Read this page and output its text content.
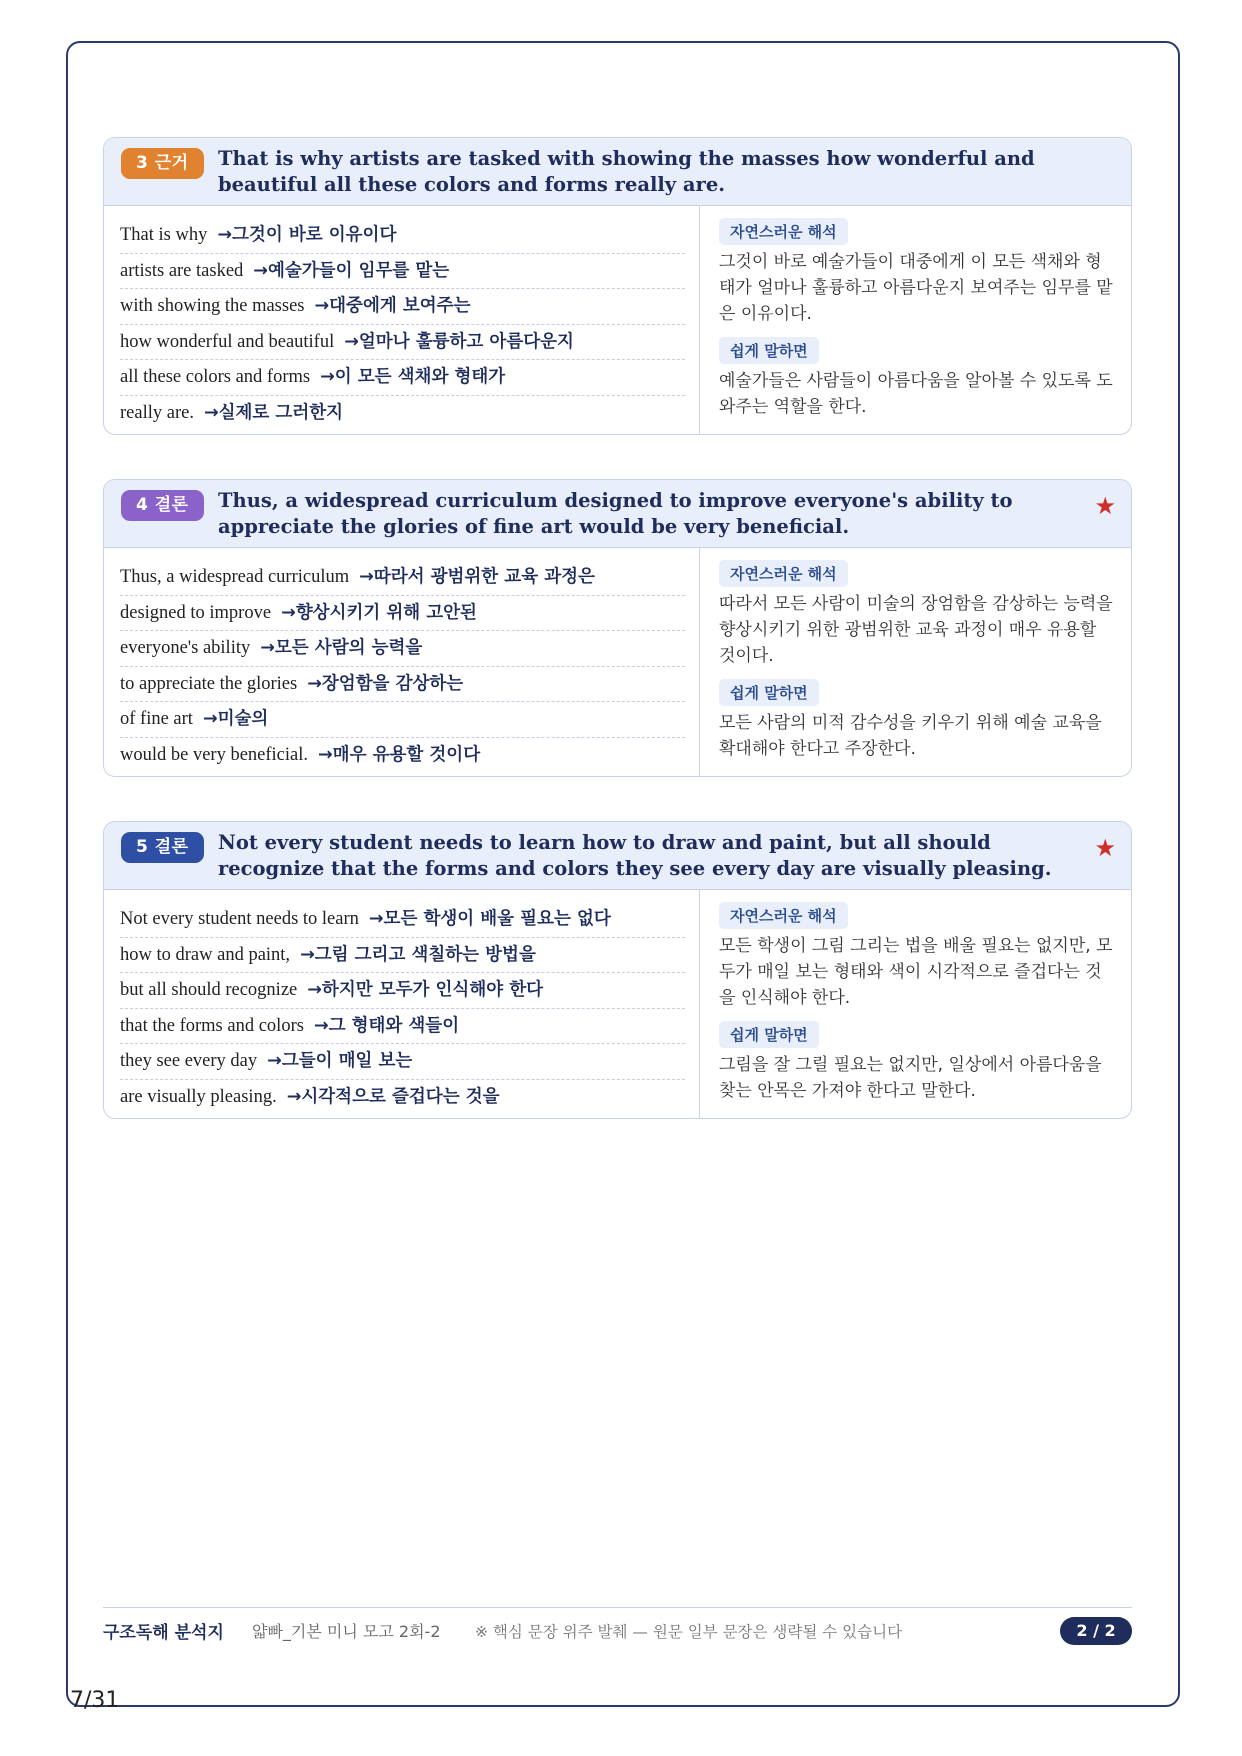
3 근거	That is why artists are tasked with showing the masses how wonderful and beautiful all these colors and forms really are.
That is why →그것이 바로 이유이다
artists are tasked →예술가들이 임무를 맡는
with showing the masses →대중에게 보여주는
how wonderful and beautiful →얼마나 훌륭하고 아름다운지
all these colors and forms →이 모든 색채와 형태가
really are. →실제로 그러한지
자연스러운 해석
그것이 바로 예술가들이 대중에게 이 모든 색채와 형태가 얼마나 훌륭하고 아름다운지 보여주는 임무를 맡은 이유이다.
쉽게 말하면
예술가들은 사람들이 아름다움을 알아볼 수 있도록 도와주는 역할을 한다.
4 결론	Thus, a widespread curriculum designed to improve everyone's ability to appreciate the glories of fine art would be very beneficial.
★
Thus, a widespread curriculum →따라서 광범위한 교육 과정은
designed to improve →향상시키기 위해 고안된
everyone's ability →모든 사람의 능력을
to appreciate the glories →장엄함을 감상하는
of fine art →미술의
would be very beneficial. →매우 유용할 것이다
자연스러운 해석
따라서 모든 사람이 미술의 장엄함을 감상하는 능력을 향상시키기 위한 광범위한 교육 과정이 매우 유용할 것이다.
쉽게 말하면
모든 사람의 미적 감수성을 키우기 위해 예술 교육을 확대해야 한다고 주장한다.
5 결론	Not every student needs to learn how to draw and paint, but all should recognize that the forms and colors they see every day are visually pleasing.
★
Not every student needs to learn →모든 학생이 배울 필요는 없다
how to draw and paint, →그림 그리고 색칠하는 방법을
but all should recognize →하지만 모두가 인식해야 한다
that the forms and colors →그 형태와 색들이
they see every day →그들이 매일 보는
are visually pleasing. →시각적으로 즐겁다는 것을
자연스러운 해석
모든 학생이 그림 그리는 법을 배울 필요는 없지만, 모두가 매일 보는 형태와 색이 시각적으로 즐겁다는 것을 인식해야 한다.
쉽게 말하면
그림을 잘 그릴 필요는 없지만, 일상에서 아름다움을 찾는 안목은 가져야 한다고 말한다.
구조독해 분석지 얇빠_기본 미니 모고 2회-2 ※ 핵심 문장 위주 발췌 — 원문 일부 문장은 생략될 수 있습니다	2 / 2
7/31
